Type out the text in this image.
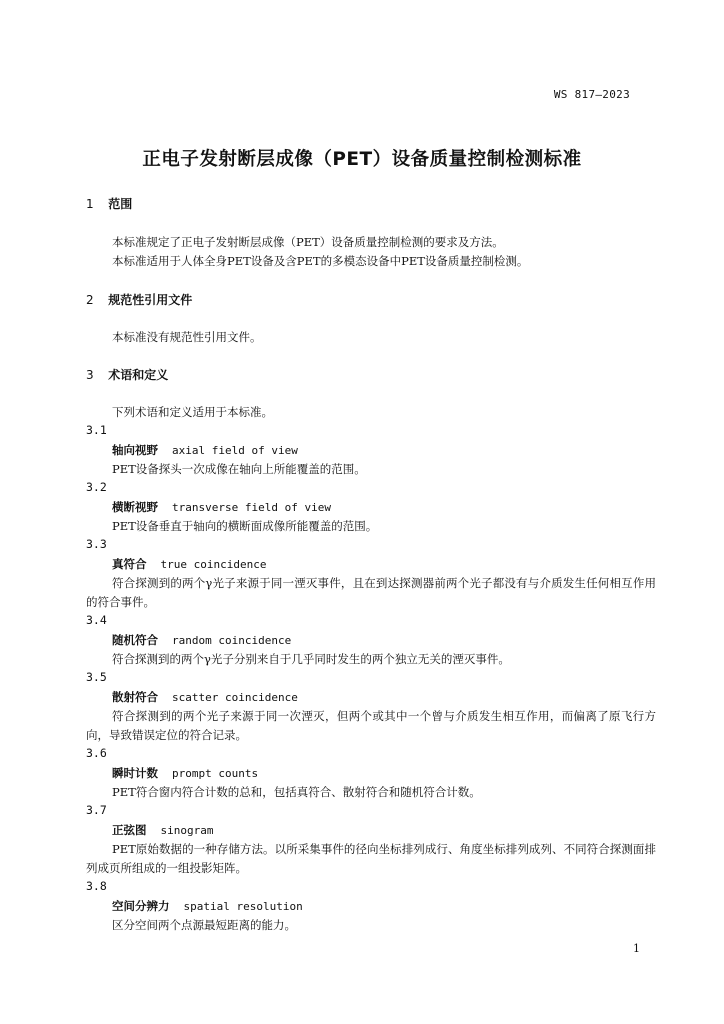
WS 817—2023
正电子发射断层成像（PET）设备质量控制检测标准
1 范围
本标准规定了正电子发射断层成像（PET）设备质量控制检测的要求及方法。
本标准适用于人体全身PET设备及含PET的多模态设备中PET设备质量控制检测。
2 规范性引用文件
本标准没有规范性引用文件。
3 术语和定义
下列术语和定义适用于本标准。
3.1
轴向视野 axial field of view
PET设备探头一次成像在轴向上所能覆盖的范围。
3.2
横断视野 transverse field of view
PET设备垂直于轴向的横断面成像所能覆盖的范围。
3.3
真符合 true coincidence
符合探测到的两个γ光子来源于同一湮灭事件，且在到达探测器前两个光子都没有与介质发生任何相互作用的符合事件。
3.4
随机符合 random coincidence
符合探测到的两个γ光子分别来自于几乎同时发生的两个独立无关的湮灭事件。
3.5
散射符合 scatter coincidence
符合探测到的两个光子来源于同一次湮灭，但两个或其中一个曾与介质发生相互作用，而偏离了原飞行方向，导致错误定位的符合记录。
3.6
瞬时计数 prompt counts
PET符合窗内符合计数的总和，包括真符合、散射符合和随机符合计数。
3.7
正弦图 sinogram
PET原始数据的一种存储方法。以所采集事件的径向坐标排列成行、角度坐标排列成列、不同符合探测面排列成页所组成的一组投影矩阵。
3.8
空间分辨力 spatial resolution
区分空间两个点源最短距离的能力。
1
